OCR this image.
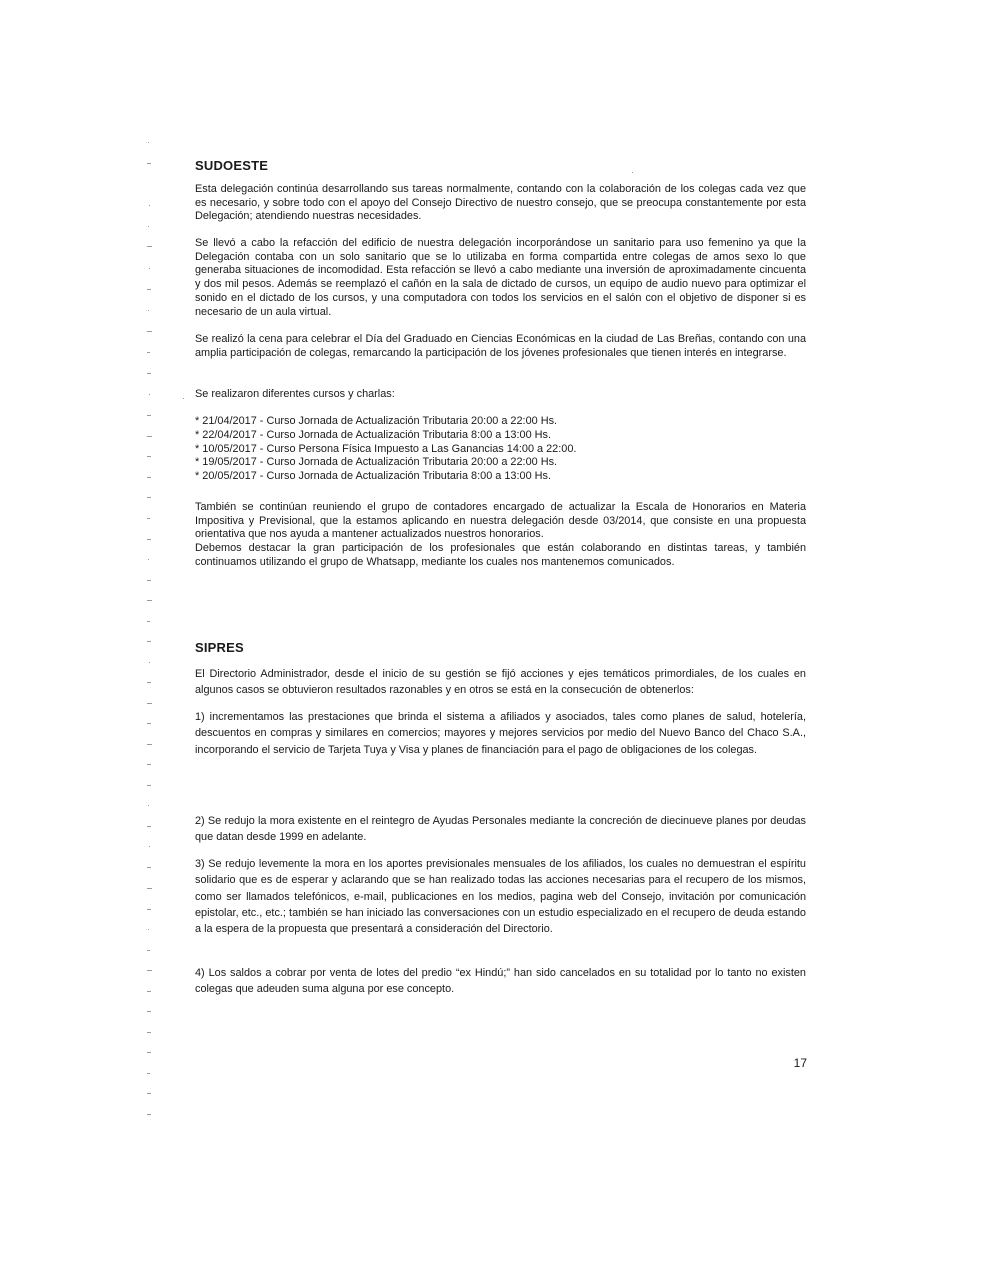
SUDOESTE

Esta delegación continúa desarrollando sus tareas normalmente, contando con la colaboración de los colegas cada vez que es necesario, y sobre todo con el apoyo del Consejo Directivo de nuestro consejo, que se preocupa constantemente por esta Delegación; atendiendo nuestras necesidades.

Se llevó a cabo la refacción del edificio de nuestra delegación incorporándose un sanitario para uso femenino ya que la Delegación contaba con un solo sanitario que se lo utilizaba en forma compartida entre colegas de amos sexo lo que generaba situaciones de incomodidad. Esta refacción se llevó a cabo mediante una inversión de aproximadamente cincuenta y dos mil pesos. Además se reemplazó el cañón en la sala de dictado de cursos, un equipo de audio nuevo para optimizar el sonido en el dictado de los cursos, y una computadora con todos los servicios en el salón con el objetivo de disponer si es necesario de un aula virtual.

Se realizó la cena para celebrar el Día del Graduado en Ciencias Económicas en la ciudad de Las Breñas, contando con una amplia participación de colegas, remarcando la participación de los jóvenes profesionales que tienen interés en integrarse.

Se realizaron diferentes cursos y charlas:

* 21/04/2017 - Curso Jornada de Actualización Tributaria 20:00 a 22:00 Hs.
* 22/04/2017 - Curso Jornada de Actualización Tributaria 8:00 a 13:00 Hs.
* 10/05/2017 - Curso Persona Física Impuesto a Las Ganancias 14:00 a 22:00.
* 19/05/2017 - Curso Jornada de Actualización Tributaria 20:00 a 22:00 Hs.
* 20/05/2017 - Curso Jornada de Actualización Tributaria 8:00 a 13:00 Hs.

También se continúan reuniendo el grupo de contadores encargado de actualizar la Escala de Honorarios en Materia Impositiva y Previsional, que la estamos aplicando en nuestra delegación desde 03/2014, que consiste en una propuesta orientativa que nos ayuda a mantener actualizados nuestros honorarios.

Debemos destacar la gran participación de los profesionales que están colaborando en distintas tareas, y también continuamos utilizando el grupo de Whatsapp, mediante los cuales nos mantenemos comunicados.

SIPRES

El Directorio Administrador, desde el inicio de su gestión se fijó acciones y ejes temáticos primordiales, de los cuales en algunos casos se obtuvieron resultados razonables y en otros se está en la consecución de obtenerlos:

1) incrementamos las prestaciones que brinda el sistema a afiliados y asociados, tales como planes de salud, hotelería, descuentos en compras y similares en comercios; mayores y mejores servicios por medio del Nuevo Banco del Chaco S.A., incorporando el servicio de Tarjeta Tuya y Visa y planes de financiación para el pago de obligaciones de los colegas.

2) Se redujo la mora existente en el reintegro de Ayudas Personales mediante la concreción de diecinueve planes por deudas que datan desde 1999 en adelante.

3) Se redujo levemente la mora en los aportes previsionales mensuales de los afiliados, los cuales no demuestran el espíritu solidario que es de esperar y aclarando que se han realizado todas las acciones necesarias para el recupero de los mismos, como ser llamados telefónicos, e-mail, publicaciones en los medios, pagina web del Consejo, invitación por comunicación epistolar, etc., etc.; también se han iniciado las conversaciones con un estudio especializado en el recupero de deuda estando a la espera de la propuesta que presentará a consideración del Directorio.

4) Los saldos a cobrar por venta de lotes del predio “ex Hindú;” han sido cancelados en su totalidad por lo tanto no existen colegas que adeuden suma alguna por ese concepto.

17
